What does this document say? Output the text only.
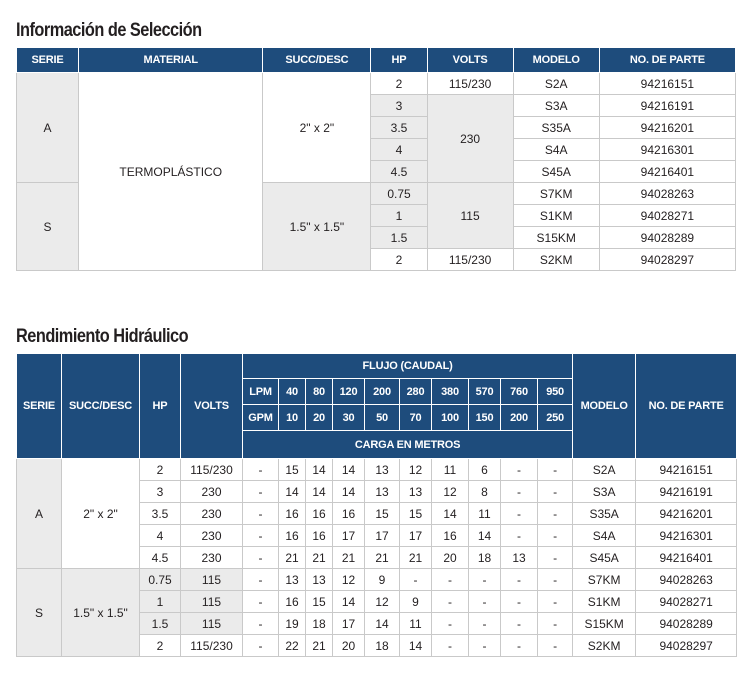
Información de Selección
SERIE	MATERIAL	SUCC/DESC	HP	VOLTS	MODELO	NO. DE PARTE
A	TERMOPLÁSTICO	2" x 2"	2	115/230	S2A	94216151
			3	230	S3A	94216191
			3.5		S35A	94216201
			4		S4A	94216301
			4.5		S45A	94216401
S		1.5" x 1.5"	0.75	115	S7KM	94028263
			1		S1KM	94028271
			1.5		S15KM	94028289
			2	115/230	S2KM	94028297
Rendimiento Hidráulico
SERIE	SUCC/DESC	HP	VOLTS	FLUJO (CAUDAL)										MODELO	NO. DE PARTE
				LPM	40	80	120	200	280	380	570	760	950		
				GPM	10	20	30	50	70	100	150	200	250		
				CARGA EN METROS											
A	2" x 2"	2	115/230	-	15	14	14	13	12	11	6	-	-	S2A	94216151
		3	230	-	14	14	14	13	13	12	8	-	-	S3A	94216191
		3.5	230	-	16	16	16	15	15	14	11	-	-	S35A	94216201
		4	230	-	16	16	17	17	17	16	14	-	-	S4A	94216301
		4.5	230	-	21	21	21	21	21	20	18	13	-	S45A	94216401
S	1.5" x 1.5"	0.75	115	-	13	13	12	9	-	-	-	-	-	S7KM	94028263
		1	115	-	16	15	14	12	9	-	-	-	-	S1KM	94028271
		1.5	115	-	19	18	17	14	11	-	-	-	-	S15KM	94028289
		2	115/230	-	22	21	20	18	14	-	-	-	-	S2KM	94028297
